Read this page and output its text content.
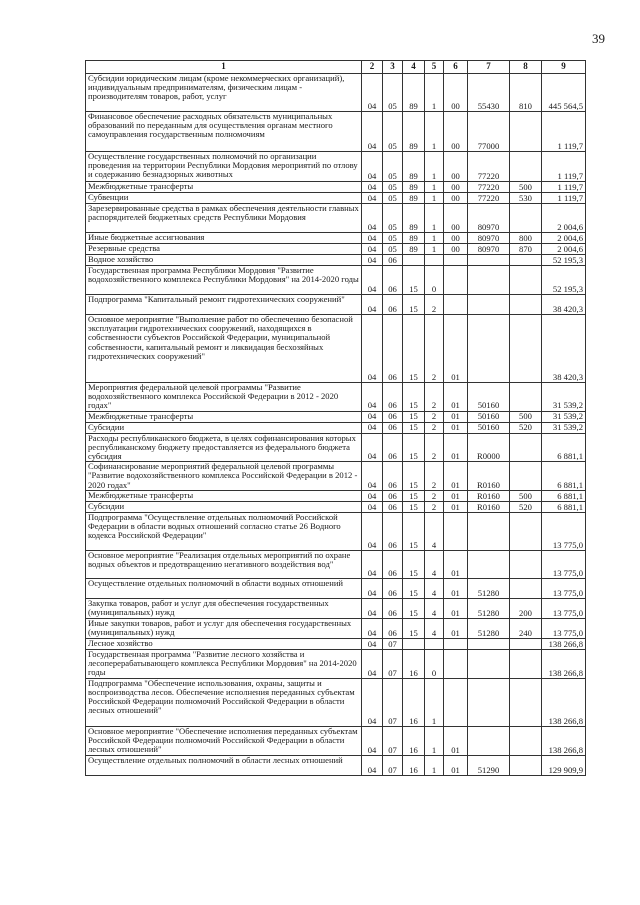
39
1	2	3	4	5	6	7	8	9
Субсидии юридическим лицам (кроме некоммерческих организаций), индивидуальным предпринимателям, физическим лицам - производителям товаров, работ, услуг	04	05	89	1	00	55430	810	445 564,5
Финансовое обеспечение расходных обязательств муниципальных образований по переданным для осуществления органам местного самоуправления государственным полномочиям	04	05	89	1	00	77000		1 119,7
Осуществление государственных полномочий по организации проведения на территории Республики Мордовия мероприятий по отлову и содержанию безнадзорных животных	04	05	89	1	00	77220		1 119,7
Межбюджетные трансферты	04	05	89	1	00	77220	500	1 119,7
Субвенции	04	05	89	1	00	77220	530	1 119,7
Зарезервированные средства в рамках обеспечения деятельности главных распорядителей бюджетных средств Республики Мордовия	04	05	89	1	00	80970		2 004,6
Иные бюджетные ассигнования	04	05	89	1	00	80970	800	2 004,6
Резервные средства	04	05	89	1	00	80970	870	2 004,6
Водное хозяйство	04	06						52 195,3
Государственная программа Республики Мордовия "Развитие водохозяйственного комплекса Республики Мордовия" на 2014-2020 годы	04	06	15	0				52 195,3
Подпрограмма "Капитальный ремонт гидротехнических сооружений"	04	06	15	2				38 420,3
Основное мероприятие "Выполнение работ по обеспечению безопасной эксплуатации гидротехнических сооружений, находящихся в собственности субъектов Российской Федерации, муниципальной собственности, капитальный ремонт и ликвидация бесхозяйных гидротехнических сооружений"	04	06	15	2	01			38 420,3
Мероприятия федеральной целевой программы "Развитие водохозяйственного комплекса Российской Федерации в 2012 - 2020 годах"	04	06	15	2	01	50160		31 539,2
Межбюджетные трансферты	04	06	15	2	01	50160	500	31 539,2
Субсидии	04	06	15	2	01	50160	520	31 539,2
Расходы республиканского бюджета, в целях софинансирования которых республиканскому бюджету предоставляется из федерального бюджета субсидия	04	06	15	2	01	R0000		6 881,1
Софинансирование мероприятий федеральной целевой программы "Развитие водохозяйственного комплекса Российской Федерации в 2012 - 2020 годах"	04	06	15	2	01	R0160		6 881,1
Межбюджетные трансферты	04	06	15	2	01	R0160	500	6 881,1
Субсидии	04	06	15	2	01	R0160	520	6 881,1
Подпрограмма "Осуществление отдельных полномочий Российской Федерации в области водных отношений согласно статье 26 Водного кодекса Российской Федерации"	04	06	15	4				13 775,0
Основное мероприятие "Реализация отдельных мероприятий по охране водных объектов и предотвращению негативного воздействия вод"	04	06	15	4	01			13 775,0
Осуществление отдельных полномочий в области водных отношений	04	06	15	4	01	51280		13 775,0
Закупка товаров, работ и услуг для обеспечения государственных (муниципальных) нужд	04	06	15	4	01	51280	200	13 775,0
Иные закупки товаров, работ и услуг для обеспечения государственных (муниципальных) нужд	04	06	15	4	01	51280	240	13 775,0
Лесное хозяйство	04	07						138 266,8
Государственная программа "Развитие лесного хозяйства и лесоперерабатывающего комплекса Республики Мордовия" на 2014-2020 годы	04	07	16	0				138 266,8
Подпрограмма "Обеспечение использования, охраны, защиты и воспроизводства лесов. Обеспечение исполнения переданных субъектам Российской Федерации полномочий Российской Федерации в области лесных отношений"	04	07	16	1				138 266,8
Основное мероприятие "Обеспечение исполнения переданных субъектам Российской Федерации полномочий Российской Федерации в области лесных отношений"	04	07	16	1	01			138 266,8
Осуществление отдельных полномочий в области лесных отношений	04	07	16	1	01	51290		129 909,9
